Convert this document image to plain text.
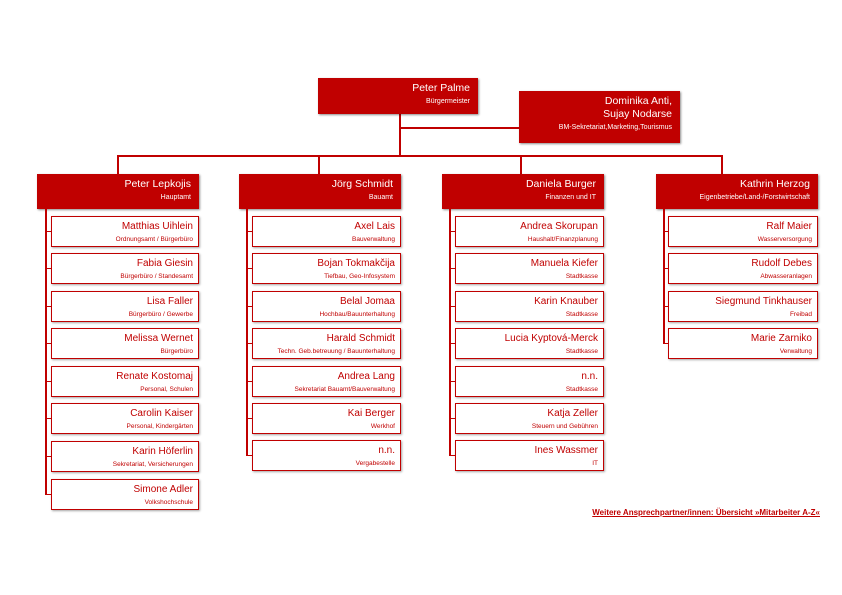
Peter Palme
Bürgermeister	Dominika Anti,
Sujay Nodarse
BM-Sekretariat,Marketing,Tourismus
Peter Lepkojis
Hauptamt
Jörg Schmidt
Bauamt
Daniela Burger
Finanzen und IT
Kathrin Herzog
Eigenbetriebe/Land-/Forstwirtschaft
Matthias Uihlein
Ordnungsamt / Bürgerbüro
Fabia Giesin
Bürgerbüro / Standesamt
Lisa Faller
Bürgerbüro / Gewerbe
Melissa Wernet
Bürgerbüro
Renate Kostomaj
Personal, Schulen
Carolin Kaiser
Personal, Kindergärten
Karin Höferlin
Sekretariat, Versicherungen
Simone Adler
Volkshochschule
Axel Lais
Bauverwaltung
Bojan Tokmakčija
Tiefbau, Geo-Infosystem
Belal Jomaa
Hochbau/Bauunterhaltung
Harald Schmidt
Techn. Geb.betreuung / Bauunterhaltung
Andrea Lang
Sekretariat Bauamt/Bauverwaltung
Kai Berger
Werkhof
n.n.
Vergabestelle
Andrea Skorupan
Haushalt/Finanzplanung
Manuela Kiefer
Stadtkasse
Karin Knauber
Stadtkasse
Lucia Kyptová-Merck
Stadtkasse
n.n.
Stadtkasse
Katja Zeller
Steuern und Gebühren
Ines Wassmer
IT
Ralf Maier
Wasserversorgung
Rudolf Debes
Abwasseranlagen
Siegmund Tinkhauser
Freibad
Marie Zarniko
Verwaltung
Weitere Ansprechpartner/innen: Übersicht »Mitarbeiter A-Z«
